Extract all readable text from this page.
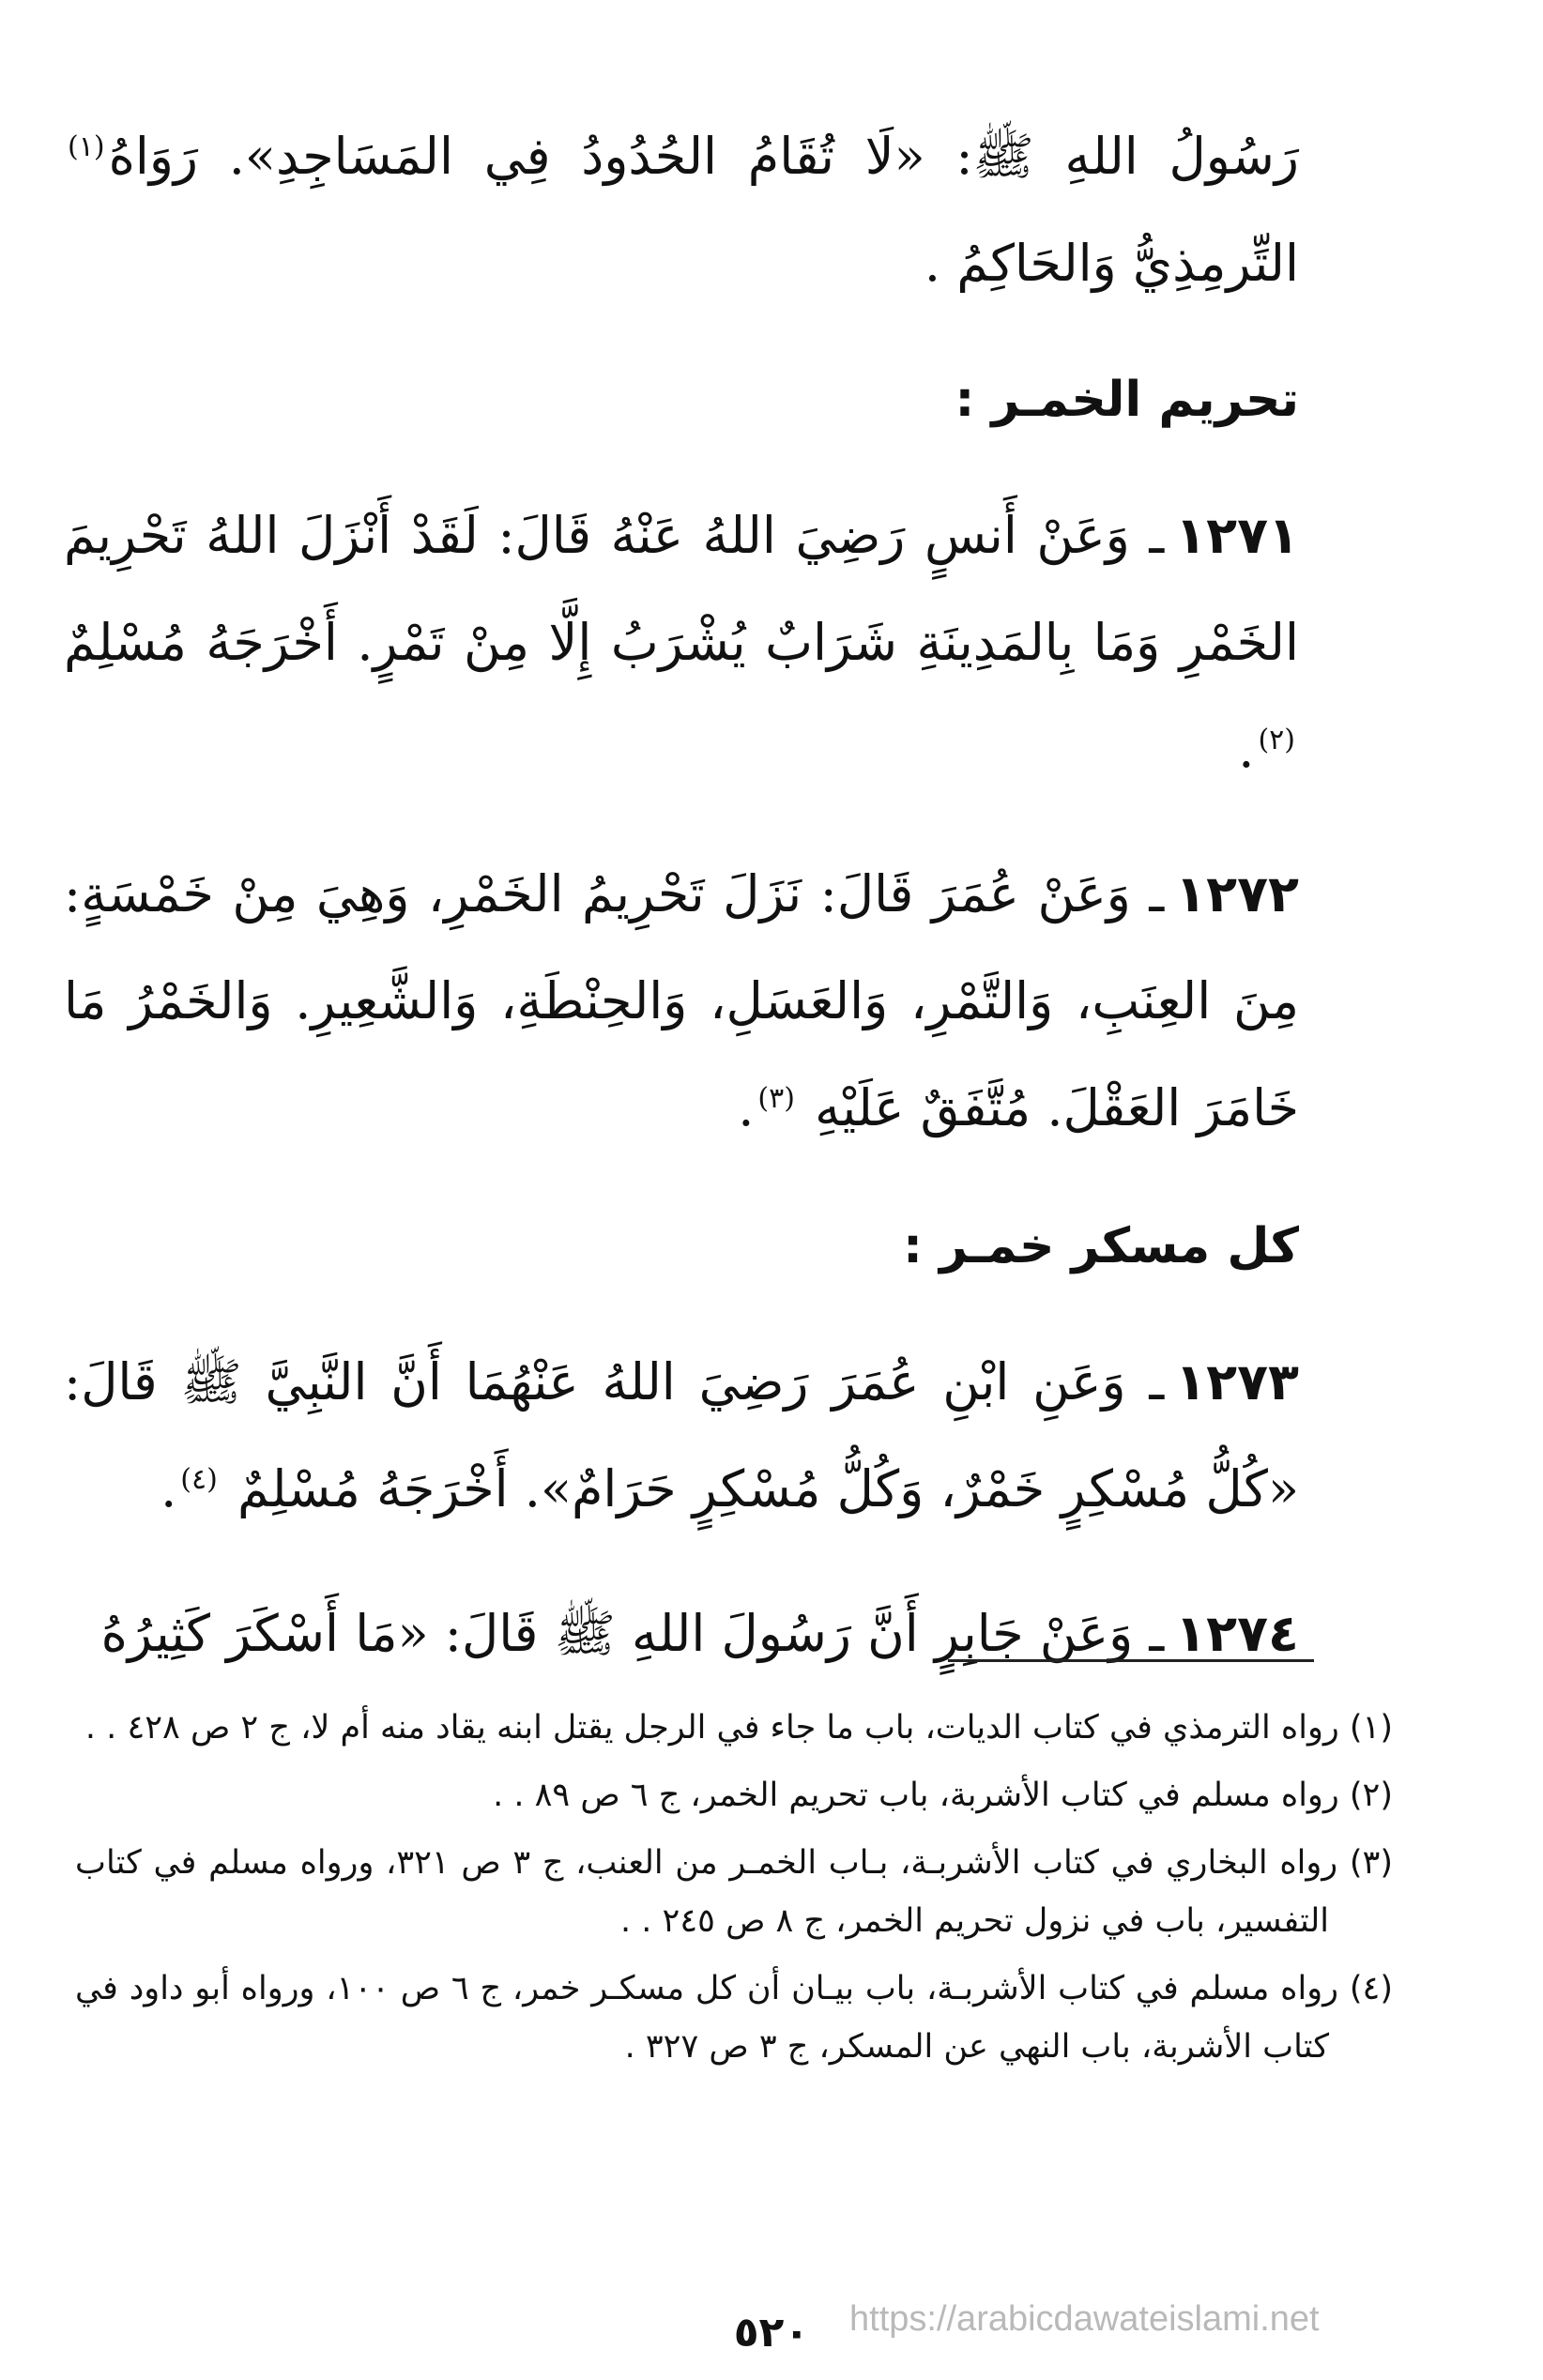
رَسُولُ اللهِ ﷺ: «لَا تُقَامُ الحُدُودُ فِي المَسَاجِدِ». رَوَاهُ$^{(١)}$ التِّرمِذِيُّ وَالحَاكِمُ .

تحريم الخمـر :

١٢٧١ـ وَعَنْ أَنسٍ رَضِيَ اللهُ عَنْهُ قَالَ: لَقَدْ أَنْزَلَ اللهُ تَحْرِيمَ الخَمْرِ وَمَا بِالمَدِينَةِ شَرَابٌ يُشْرَبُ إِلَّا مِنْ تَمْرٍ. أَخْرَجَهُ مُسْلِمٌ $^{(٢)}$.

١٢٧٢ـ وَعَنْ عُمَرَ قَالَ: نَزَلَ تَحْرِيمُ الخَمْرِ، وَهِيَ مِنْ خَمْسَةٍ: مِنَ العِنَبِ، وَالتَّمْرِ، وَالعَسَلِ، وَالحِنْطَةِ، وَالشَّعِيرِ. وَالخَمْرُ مَا خَامَرَ العَقْلَ. مُتَّفَقٌ عَلَيْهِ $^{(٣)}$.

كل مسكر خمـر :

١٢٧٣ـ وَعَنِ ابْنِ عُمَرَ رَضِيَ اللهُ عَنْهُمَا أَنَّ النَّبِيَّ ﷺ قَالَ: «كُلُّ مُسْكِرٍ خَمْرٌ، وَكُلُّ مُسْكِرٍ حَرَامٌ». أَخْرَجَهُ مُسْلِمٌ $^{(٤)}$.

١٢٧٤ـ وَعَنْ جَابِرٍ أَنَّ رَسُولَ اللهِ ﷺ قَالَ: «مَا أَسْكَرَ كَثِيرُهُ

(١) رواه الترمذي في كتاب الديات، باب ما جاء في الرجل يقتل ابنه يقاد منه أم لا، ج ٢ ص ٤٢٨ . .

(٢) رواه مسلم في كتاب الأشربة، باب تحريم الخمر، ج ٦ ص ٨٩ . .

(٣) رواه البخاري في كتاب الأشربـة، بـاب الخمـر من العنب، ج ٣ ص ٣٢١، ورواه مسلم في كتاب التفسير، باب في نزول تحريم الخمر، ج ٨ ص ٢٤٥ . .

(٤) رواه مسلم في كتاب الأشربـة، باب بيـان أن كل مسكـر خمر، ج ٦ ص ١٠٠، ورواه أبو داود في كتاب الأشربة، باب النهي عن المسكر، ج ٣ ص ٣٢٧ .

٥٢٠	https://arabicdawateislami.net
